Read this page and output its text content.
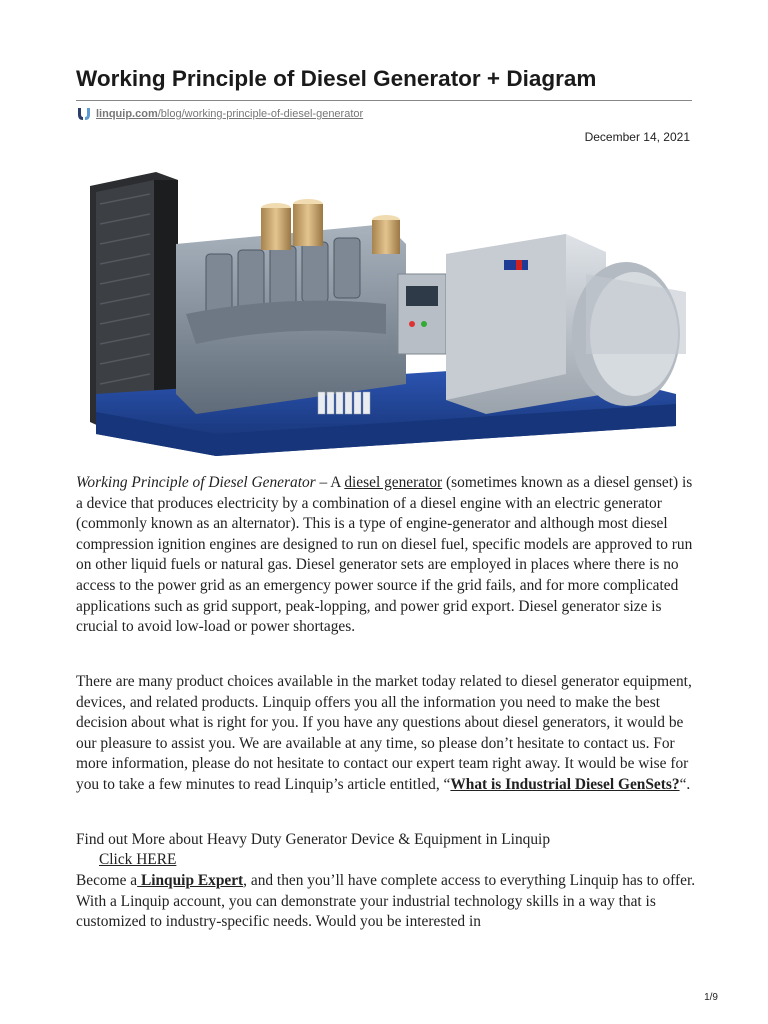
Working Principle of Diesel Generator + Diagram
linquip.com/blog/working-principle-of-diesel-generator
December 14, 2021

Working Principle of Diesel Generator – A diesel generator (sometimes known as a diesel genset) is a device that produces electricity by a combination of a diesel engine with an electric generator (commonly known as an alternator). This is a type of engine-generator and although most diesel compression ignition engines are designed to run on diesel fuel, specific models are approved to run on other liquid fuels or natural gas. Diesel generator sets are employed in places where there is no access to the power grid as an emergency power source if the grid fails, and for more complicated applications such as grid support, peak-lopping, and power grid export. Diesel generator size is crucial to avoid low-load or power shortages.

There are many product choices available in the market today related to diesel generator equipment, devices, and related products. Linquip offers you all the information you need to make the best decision about what is right for you. If you have any questions about diesel generators, it would be our pleasure to assist you. We are available at any time, so please don’t hesitate to contact us. For more information, please do not hesitate to contact our expert team right away. It would be wise for you to take a few minutes to read Linquip’s article entitled, “What is Industrial Diesel GenSets?“.

Find out More about Heavy Duty Generator Device & Equipment in Linquip

Click HERE

Become a Linquip Expert, and then you’ll have complete access to everything Linquip has to offer. With a Linquip account, you can demonstrate your industrial technology skills in a way that is customized to industry-specific needs. Would you be interested in

1/9
